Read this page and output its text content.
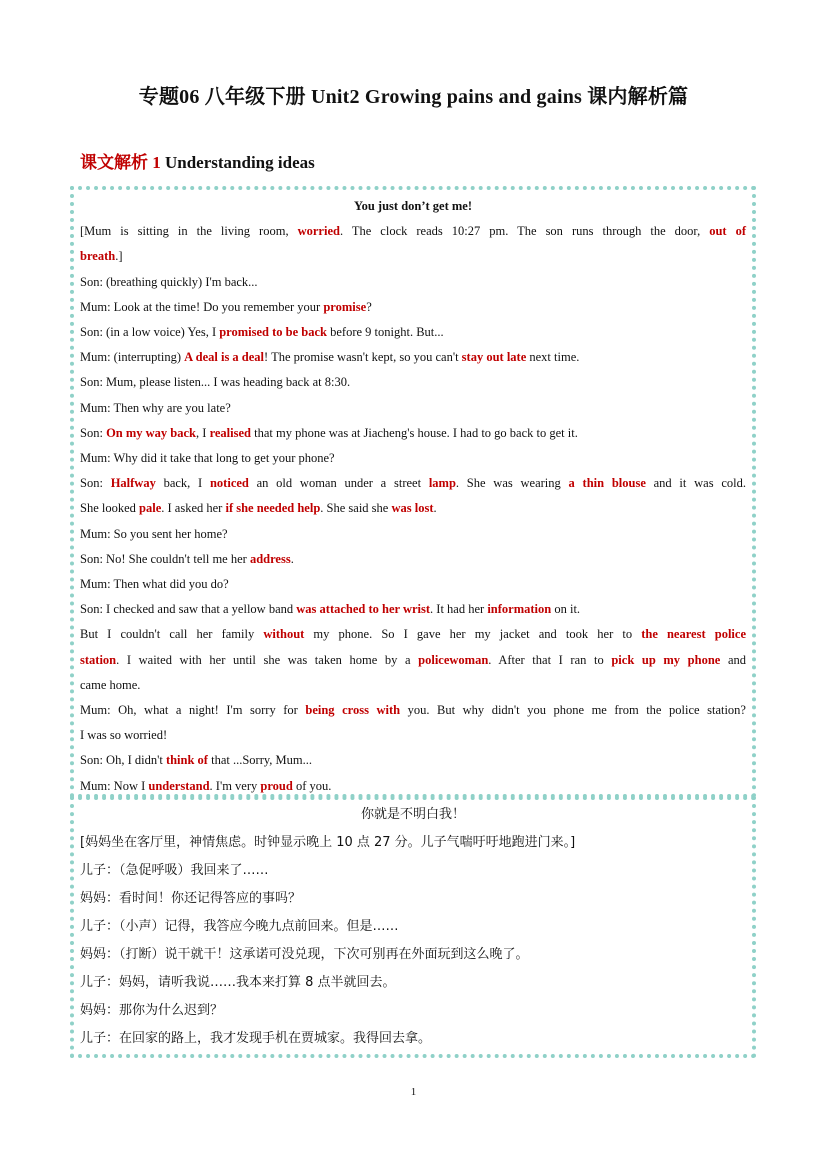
专题06 八年级下册 Unit2 Growing pains and gains 课内解析篇
课文解析 1 Understanding ideas
You just don’t get me!
[Mum is sitting in the living room, worried. The clock reads 10:27 pm. The son runs through the door, out of
breath.]
Son: (breathing quickly) I'm back...
Mum: Look at the time! Do you remember your promise?
Son: (in a low voice) Yes, I promised to be back before 9 tonight. But...
Mum: (interrupting) A deal is a deal! The promise wasn't kept, so you can't stay out late next time.
Son: Mum, please listen... I was heading back at 8:30.
Mum: Then why are you late?
Son: On my way back, I realised that my phone was at Jiacheng's house. I had to go back to get it.
Mum: Why did it take that long to get your phone?
Son: Halfway back, I noticed an old woman under a street lamp. She was wearing a thin blouse and it was cold.
She looked pale. I asked her if she needed help. She said she was lost.
Mum: So you sent her home?
Son: No! She couldn't tell me her address.
Mum: Then what did you do?
Son: I checked and saw that a yellow band was attached to her wrist. It had her information on it.
But I couldn't call her family without my phone. So I gave her my jacket and took her to the nearest police
station. I waited with her until she was taken home by a policewoman. After that I ran to pick up my phone and
came home.
Mum: Oh, what a night! I'm sorry for being cross with you. But why didn't you phone me from the police station?
I was so worried!
Son: Oh, I didn't think of that ...Sorry, Mum...
Mum: Now I understand. I'm very proud of you.
你就是不明白我！
[妈妈坐在客厅里，神情焦虑。时钟显示晚上 10 点 27 分。儿子气喘吁吁地跑进门来。]
儿子：（急促呼吸）我回来了……
妈妈：看时间！你还记得答应的事吗？
儿子：（小声）记得，我答应今晚九点前回来。但是……
妈妈：（打断）说干就干！这承诺可没兑现，下次可别再在外面玩到这么晚了。
儿子：妈妈，请听我说……我本来打算 8 点半就回去。
妈妈：那你为什么迟到？
儿子：在回家的路上，我才发现手机在贾城家。我得回去拿。
1
